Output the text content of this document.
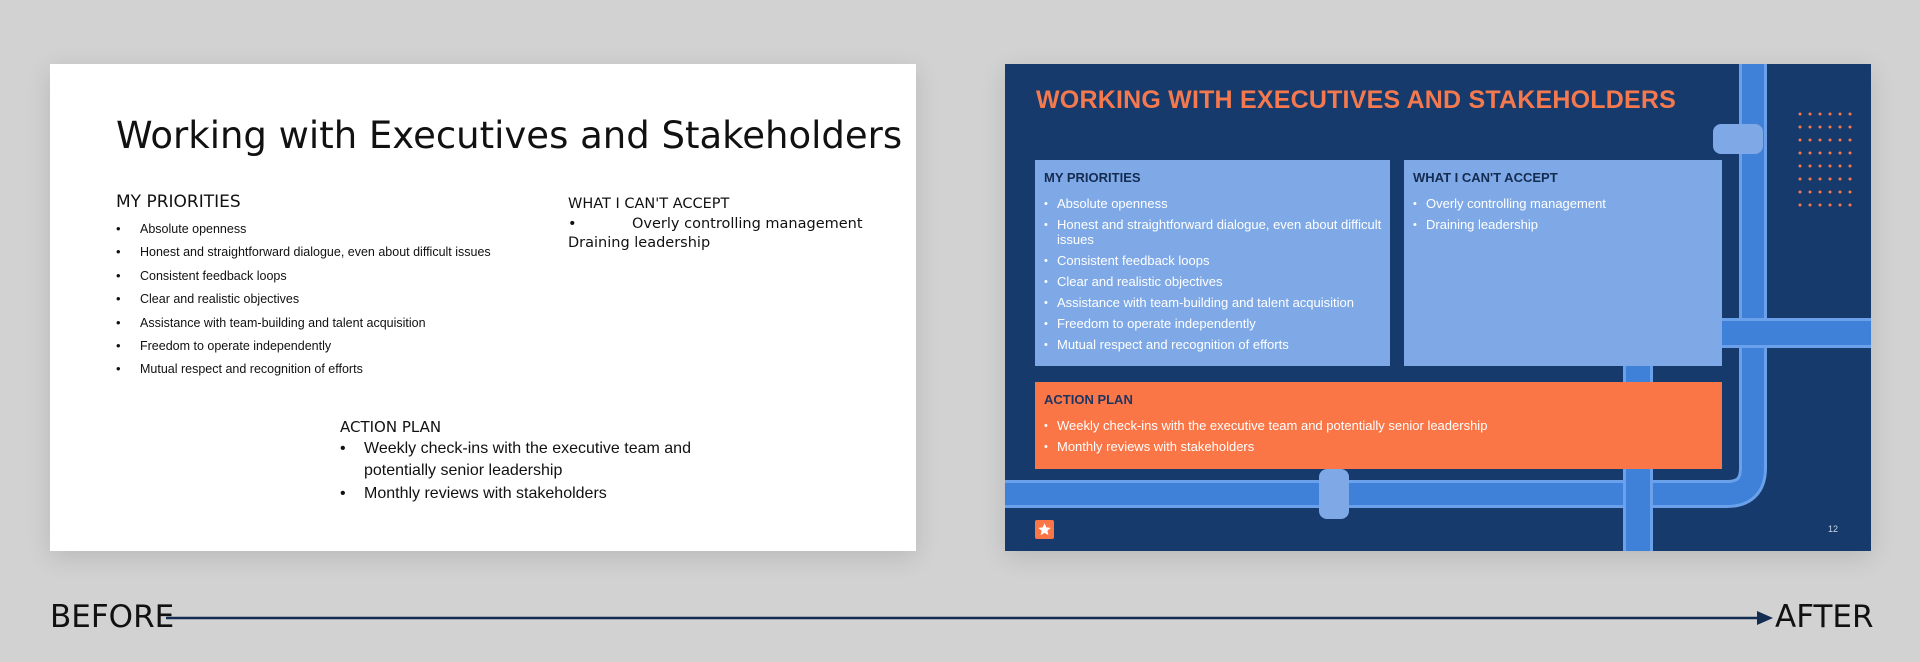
Working with Executives and Stakeholders
MY PRIORITIES
• Absolute openness
• Honest and straightforward dialogue, even about difficult issues
• Consistent feedback loops
• Clear and realistic objectives
• Assistance with team-building and talent acquisition
• Freedom to operate independently
• Mutual respect and recognition of efforts
WHAT I CAN'T ACCEPT
•	Overly controlling management
Draining leadership
ACTION PLAN
• Weekly check-ins with the executive team and potentially senior leadership
• Monthly reviews with stakeholders
WORKING WITH EXECUTIVES AND STAKEHOLDERS
MY PRIORITIES
• Absolute openness
• Honest and straightforward dialogue, even about difficult issues
• Consistent feedback loops
• Clear and realistic objectives
• Assistance with team-building and talent acquisition
• Freedom to operate independently
• Mutual respect and recognition of efforts
WHAT I CAN'T ACCEPT
• Overly controlling management
• Draining leadership
ACTION PLAN
• Weekly check-ins with the executive team and potentially senior leadership
• Monthly reviews with stakeholders
12
BEFORE	AFTER
